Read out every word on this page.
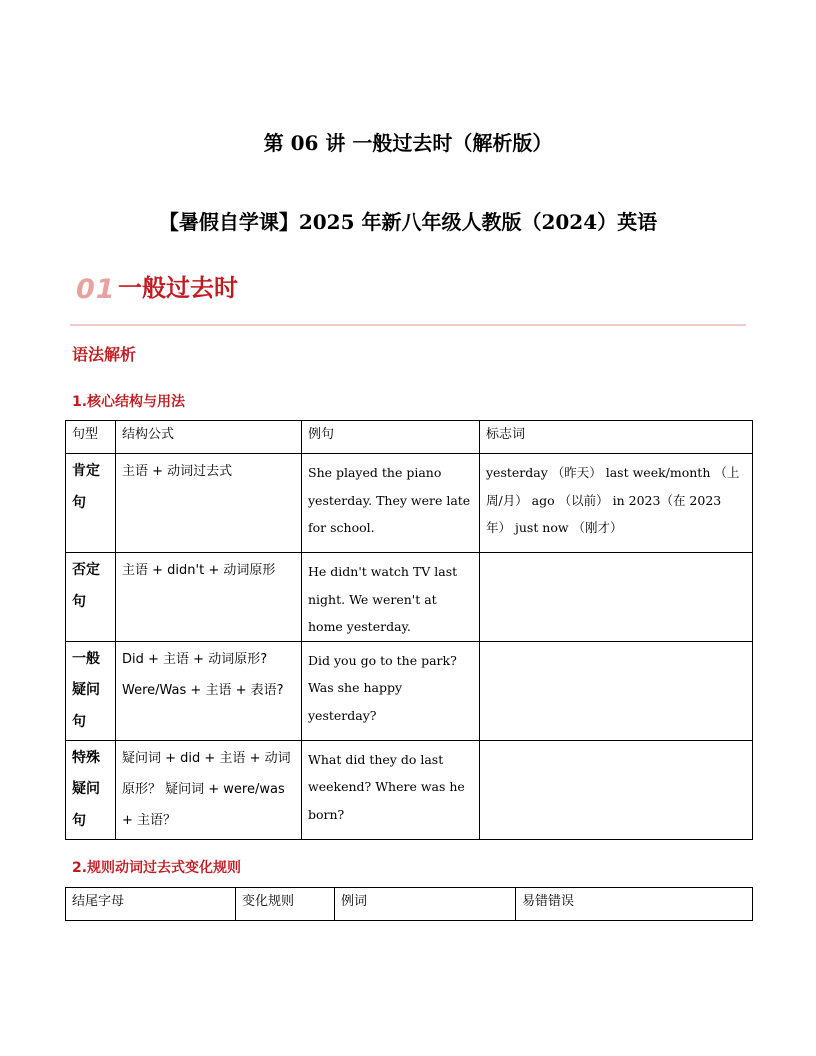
第 06 讲 一般过去时（解析版）
【暑假自学课】2025 年新八年级人教版（2024）英语
01 一般过去时
语法解析
1.核心结构与用法
句型	结构公式	例句	标志词
肯定句	主语 + 动词过去式	She played the piano yesterday. They were late for school.	yesterday （昨天） last week/month （上周/月） ago （以前） in 2023（在 2023 年） just now （刚才）
否定句	主语 + didn't + 动词原形	He didn't watch TV last night. We weren't at home yesterday.	
一般疑问句	Did + 主语 + 动词原形? Were/Was + 主语 + 表语?	Did you go to the park? Was she happy yesterday?	
特殊疑问句	疑问词 + did + 主语 + 动词原形？ 疑问词 + were/was + 主语？	What did they do last weekend? Where was he born?	
2.规则动词过去式变化规则
结尾字母	变化规则	例词	易错错误
